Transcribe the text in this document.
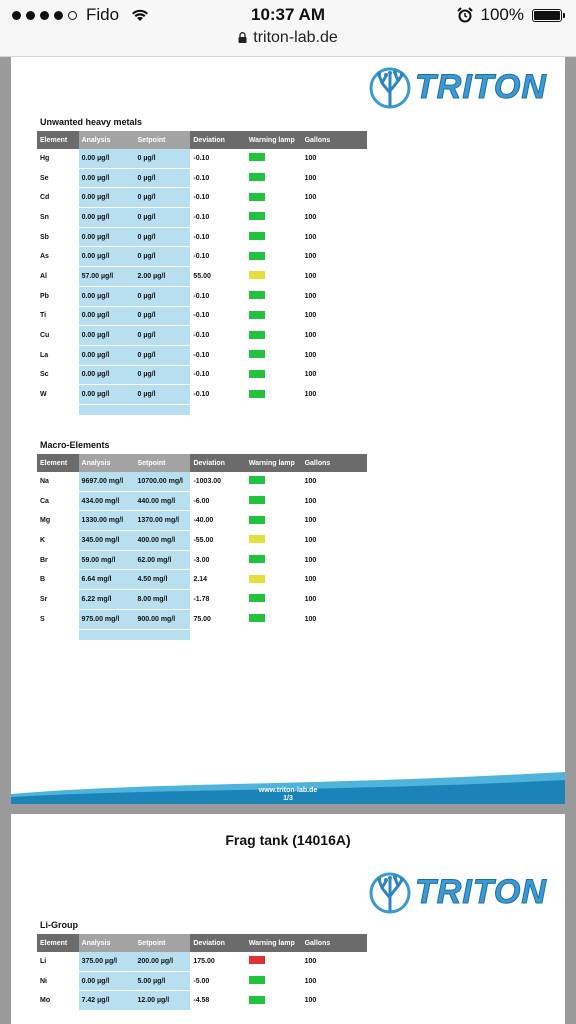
Fido	10:37 AM	100%
triton-lab.de
TRITON
Unwanted heavy metals
Element	Analysis	Setpoint	Deviation	Warning lamp	Gallons
Hg	0.00 µg/l	0 µg/l	-0.10		100
Se	0.00 µg/l	0 µg/l	-0.10		100
Cd	0.00 µg/l	0 µg/l	-0.10		100
Sn	0.00 µg/l	0 µg/l	-0.10		100
Sb	0.00 µg/l	0 µg/l	-0.10		100
As	0.00 µg/l	0 µg/l	-0.10		100
Al	57.00 µg/l	2.00 µg/l	55.00		100
Pb	0.00 µg/l	0 µg/l	-0.10		100
Ti	0.00 µg/l	0 µg/l	-0.10		100
Cu	0.00 µg/l	0 µg/l	-0.10		100
La	0.00 µg/l	0 µg/l	-0.10		100
Sc	0.00 µg/l	0 µg/l	-0.10		100
W	0.00 µg/l	0 µg/l	-0.10		100

Macro-Elements
Element	Analysis	Setpoint	Deviation	Warning lamp	Gallons
Na	9697.00 mg/l	10700.00 mg/l	-1003.00		100
Ca	434.00 mg/l	440.00 mg/l	-6.00		100
Mg	1330.00 mg/l	1370.00 mg/l	-40.00		100
K	345.00 mg/l	400.00 mg/l	-55.00		100
Br	59.00 mg/l	62.00 mg/l	-3.00		100
B	6.64 mg/l	4.50 mg/l	2.14		100
Sr	6.22 mg/l	8.00 mg/l	-1.78		100
S	975.00 mg/l	900.00 mg/l	75.00		100

www.triton-lab.de
1/3
Frag tank (14016A)
TRITON
Li-Group
Element	Analysis	Setpoint	Deviation	Warning lamp	Gallons
Li	375.00 µg/l	200.00 µg/l	175.00		100
Ni	0.00 µg/l	5.00 µg/l	-5.00		100
Mo	7.42 µg/l	12.00 µg/l	-4.58		100
